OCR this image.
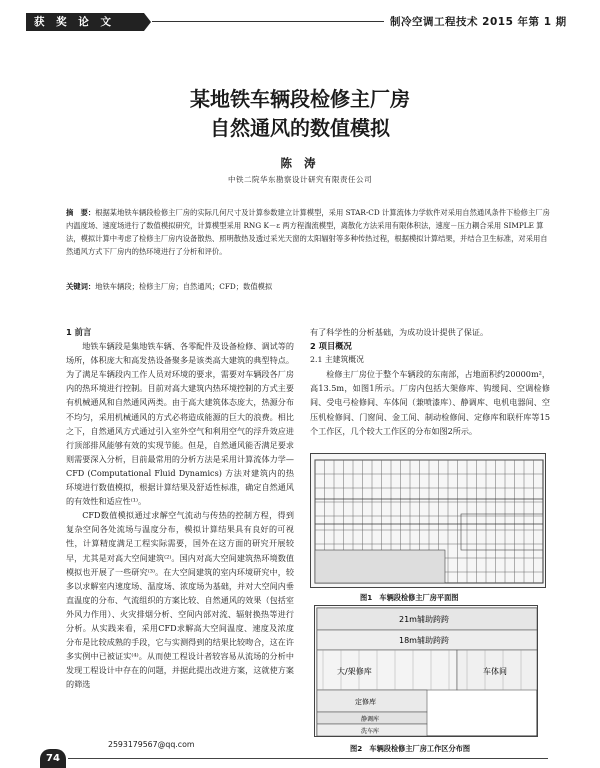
获 奖 论 文	制冷空调工程技术 2015 年第 1 期
某地铁车辆段检修主厂房
自然通风的数值模拟
陈 涛
中铁二院华东勘察设计研究有限责任公司
摘　要：根据某地铁车辆段检修主厂房的实际几何尺寸及计算参数建立计算模型，采用 STAR-CD 计算流体力学软件对采用自然通风条件下检修主厂房内温度场、速度场进行了数值模拟研究，计算模型采用 RNG K－ε 两方程湍流模型，离散化方法采用有限体积法，速度－压力耦合采用 SIMPLE 算法，模拟计算中考虑了检修主厂房内设备散热、照明散热及透过采光天窗的太阳辐射等多种传热过程，根据模拟计算结果，并结合卫生标准，对采用自然通风方式下厂房内的热环境进行了分析和评价。
关键词：地铁车辆段；检修主厂房；自然通风；CFD；数值模拟

1 前言

地铁车辆段是集地铁车辆、各零配件及设备检修、调试等的场所，体积庞大和高发热设备聚多是该类高大建筑的典型特点。为了满足车辆段内工作人员对环境的要求，需要对车辆段各厂房内的热环境进行控制。目前对高大建筑内热环境控制的方式主要有机械通风和自然通风两类。由于高大建筑体态庞大，热源分布不均匀，采用机械通风的方式必将造成能源的巨大的浪费。相比之下，自然通风方式通过引入室外空气和利用空气的浮升效应进行顶部排风能够有效的实现节能。但是，自然通风能否满足要求则需要深入分析，目前最常用的分析方法是采用计算流体力学—CFD (Computational Fluid Dynamics) 方法对建筑内的热环境进行数值模拟，根据计算结果及舒适性标准，确定自然通风的有效性和适应性⁽¹⁾。

CFD数值模拟通过求解空气流动与传热的控制方程，得到复杂空间各处流场与温度分布，模拟计算结果具有良好的可视性，计算精度满足工程实际需要，国外在这方面的研究开展较早，尤其是对高大空间建筑⁽²⁾。国内对高大空间建筑热环境数值模拟也开展了一些研究⁽³⁾。在大空间建筑的室内环境研究中，较多以求解室内速度场、温度场、浓度场为基础，并对大空间内垂直温度的分布、气流组织的方案比较、自然通风的效果（包括室外风力作用）、火灾排烟分析、空间内部对流、辐射换热等进行分析。从实践来看，采用CFD求解高大空间温度、速度及浓度分布是比较成熟的手段，它与实测得到的结果比较吻合，这在许多实例中已被证实⁽⁴⁾。从而使工程设计者较容易从流场的分析中发现工程设计中存在的问题，并据此提出改进方案，这就使方案的筛选

有了科学性的分析基础，为成功设计提供了保证。

2 项目概况

2.1 主建筑概况

检修主厂房位于整个车辆段的东南部，占地面积约20000m²，高13.5m，如图1所示。厂房内包括大架修库、钩缓间、空调检修间、受电弓检修间、车体间（兼喷漆库）、静调库、电机电器间、空压机检修间、门窗间、金工间、制动检修间、定修库和联杆库等15个工作区，几个较大工作区的分布如图2所示。

图1　车辆段检修主厂房平面图
21m辅助跨跨
18m辅助跨跨
大/架修库	车体间
定修库
静调库
洗车库
图2　车辆段检修主厂房工作区分布图
2593179567@qq.com
74
